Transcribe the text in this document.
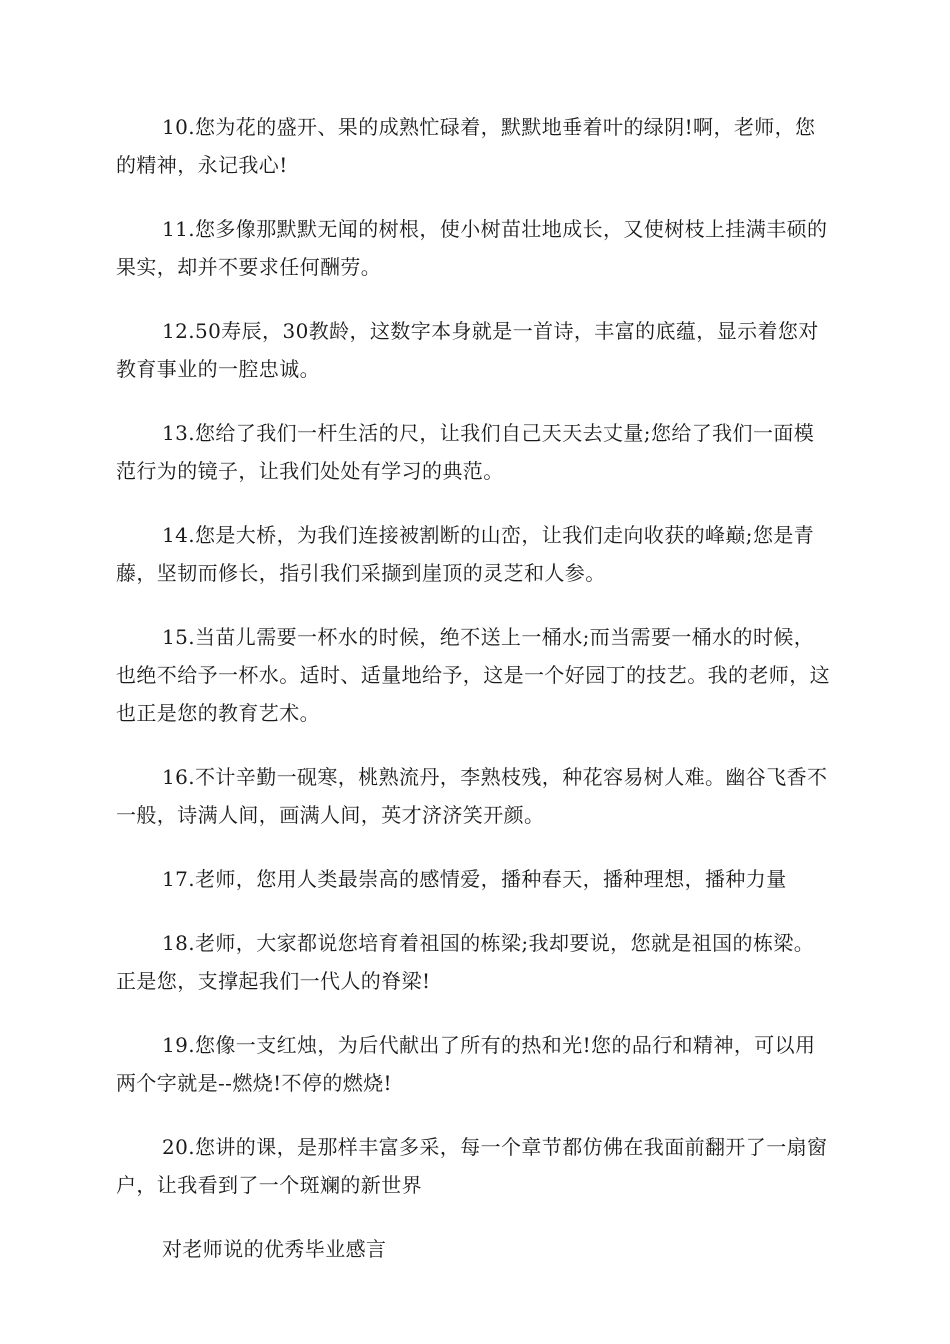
10.您为花的盛开、果的成熟忙碌着，默默地垂着叶的绿阴!啊，老师，您的精神，永记我心!

11.您多像那默默无闻的树根，使小树苗壮地成长，又使树枝上挂满丰硕的果实，却并不要求任何酬劳。

12.50寿辰，30教龄，这数字本身就是一首诗，丰富的底蕴，显示着您对教育事业的一腔忠诚。

13.您给了我们一杆生活的尺，让我们自己天天去丈量;您给了我们一面模范行为的镜子，让我们处处有学习的典范。

14.您是大桥，为我们连接被割断的山峦，让我们走向收获的峰巅;您是青藤，坚韧而修长，指引我们采撷到崖顶的灵芝和人参。

15.当苗儿需要一杯水的时候，绝不送上一桶水;而当需要一桶水的时候，也绝不给予一杯水。适时、适量地给予，这是一个好园丁的技艺。我的老师，这也正是您的教育艺术。

16.不计辛勤一砚寒，桃熟流丹，李熟枝残，种花容易树人难。幽谷飞香不一般，诗满人间，画满人间，英才济济笑开颜。

17.老师，您用人类最崇高的感情爱，播种春天，播种理想，播种力量

18.老师，大家都说您培育着祖国的栋梁;我却要说，您就是祖国的栋梁。正是您，支撑起我们一代人的脊梁!

19.您像一支红烛，为后代献出了所有的热和光!您的品行和精神，可以用两个字就是--燃烧!不停的燃烧!

20.您讲的课，是那样丰富多采，每一个章节都仿佛在我面前翻开了一扇窗户，让我看到了一个斑斓的新世界

对老师说的优秀毕业感言
